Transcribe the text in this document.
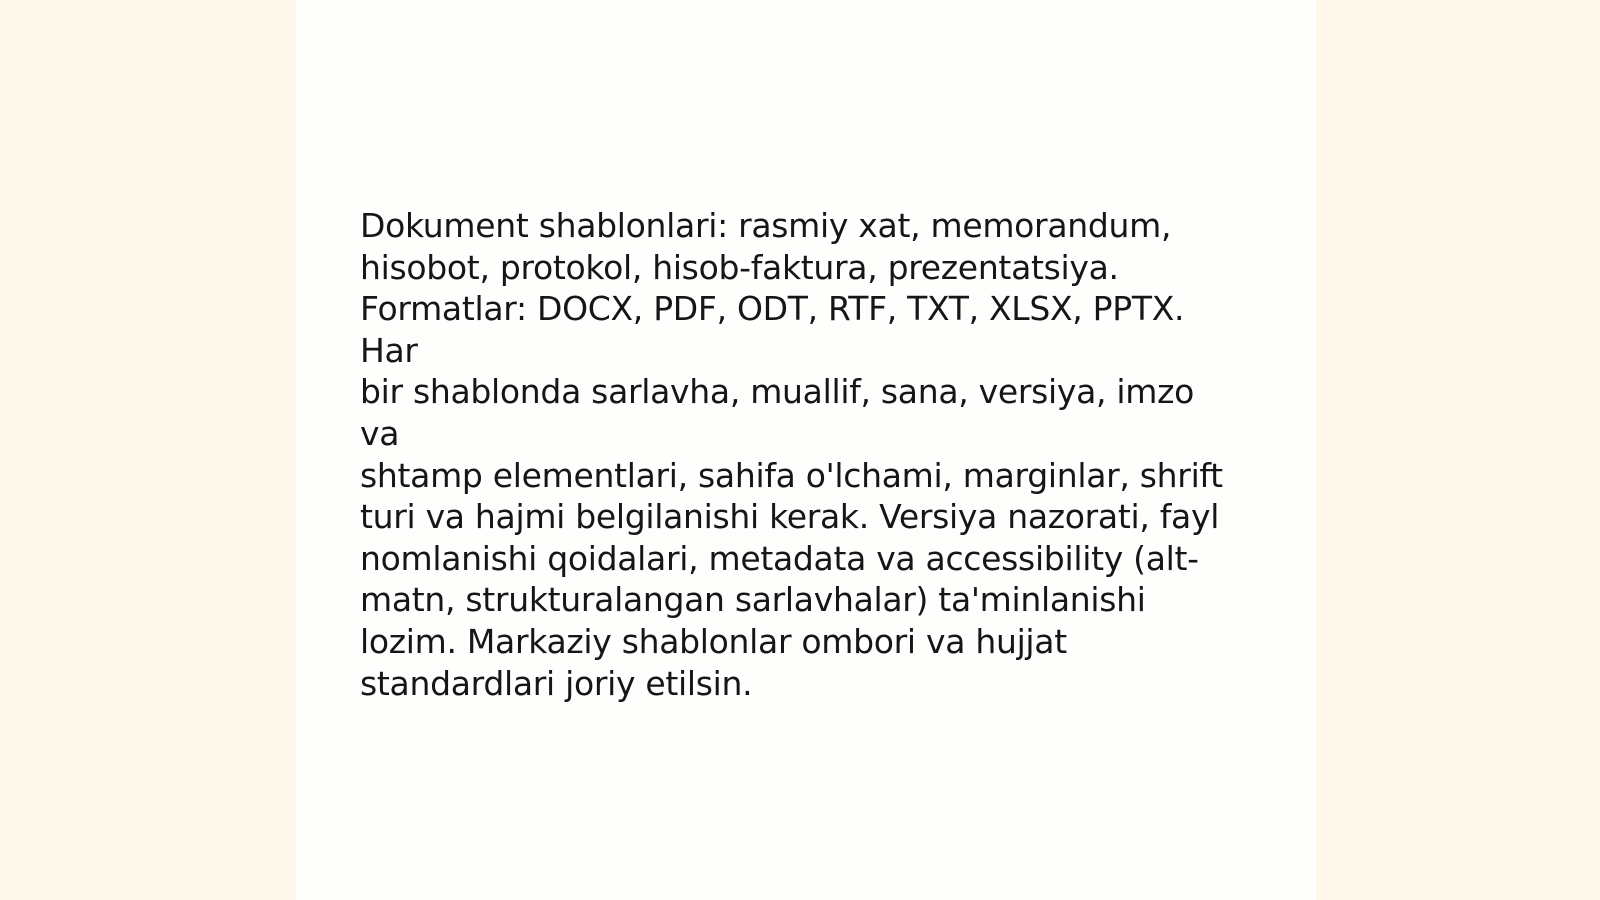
Dokument shablonlari: rasmiy xat, memorandum,
hisobot, protokol, hisob-faktura, prezentatsiya.
Formatlar: DOCX, PDF, ODT, RTF, TXT, XLSX, PPTX. Har
bir shablonda sarlavha, muallif, sana, versiya, imzo va
shtamp elementlari, sahifa o'lchami, marginlar, shrift
turi va hajmi belgilanishi kerak. Versiya nazorati, fayl
nomlanishi qoidalari, metadata va accessibility (alt-
matn, strukturalangan sarlavhalar) ta'minlanishi
lozim. Markaziy shablonlar ombori va hujjat
standardlari joriy etilsin.
